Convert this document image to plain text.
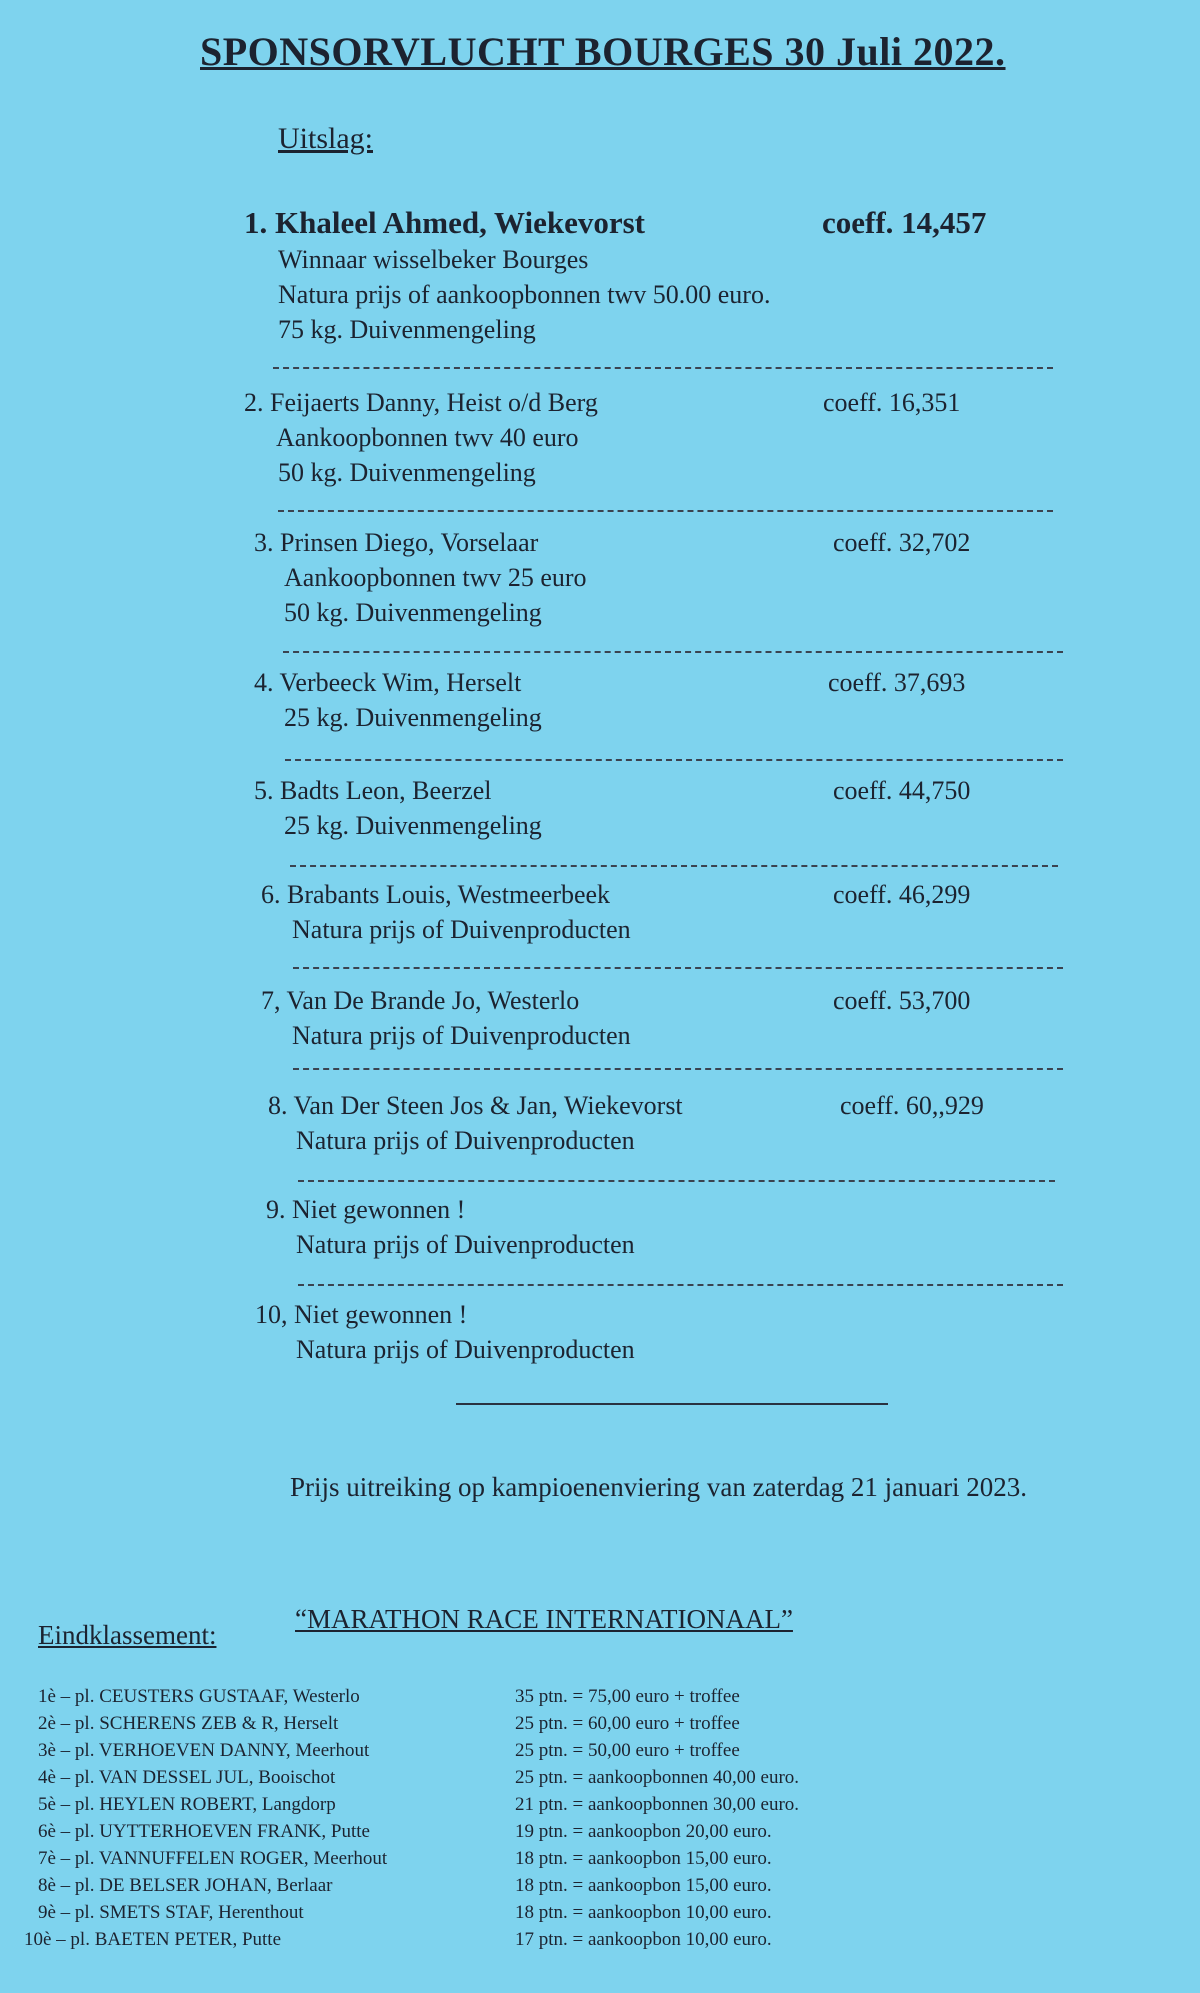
SPONSORVLUCHT BOURGES 30 Juli 2022.
Uitslag:
1. Khaleel Ahmed, Wiekevorst	coeff. 14,457
Winnaar wisselbeker Bourges
Natura prijs of aankoopbonnen twv 50.00 euro.
75 kg. Duivenmengeling
2. Feijaerts Danny, Heist o/d Berg	coeff. 16,351
Aankoopbonnen twv 40 euro
50 kg. Duivenmengeling
3. Prinsen Diego, Vorselaar	coeff. 32,702
Aankoopbonnen twv 25 euro
50 kg. Duivenmengeling
4. Verbeeck Wim, Herselt	coeff. 37,693
25 kg. Duivenmengeling
5. Badts Leon, Beerzel	coeff. 44,750
25 kg. Duivenmengeling
6. Brabants Louis, Westmeerbeek	coeff. 46,299
Natura prijs of Duivenproducten
7, Van De Brande Jo, Westerlo	coeff. 53,700
Natura prijs of Duivenproducten
8. Van Der Steen Jos & Jan, Wiekevorst	coeff. 60,,929
Natura prijs of Duivenproducten
9. Niet gewonnen !
Natura prijs of Duivenproducten
10, Niet gewonnen !
Natura prijs of Duivenproducten
Prijs uitreiking op kampioenenviering van zaterdag 21 januari 2023.
“MARATHON RACE INTERNATIONAAL”
Eindklassement:
1è – pl. CEUSTERS GUSTAAF, Westerlo	35 ptn. = 75,00 euro + troffee
2è – pl. SCHERENS ZEB & R, Herselt	25 ptn. = 60,00 euro + troffee
3è – pl. VERHOEVEN DANNY, Meerhout	25 ptn. = 50,00 euro + troffee
4è – pl. VAN DESSEL JUL, Booischot	25 ptn. = aankoopbonnen 40,00 euro.
5è – pl. HEYLEN ROBERT, Langdorp	21 ptn. = aankoopbonnen 30,00 euro.
6è – pl. UYTTERHOEVEN FRANK, Putte	19 ptn. = aankoopbon 20,00 euro.
7è – pl. VANNUFFELEN ROGER, Meerhout	18 ptn. = aankoopbon 15,00 euro.
8è – pl. DE BELSER JOHAN, Berlaar	18 ptn. = aankoopbon 15,00 euro.
9è – pl. SMETS STAF, Herenthout	18 ptn. = aankoopbon 10,00 euro.
10è – pl. BAETEN PETER, Putte	17 ptn. = aankoopbon 10,00 euro.
